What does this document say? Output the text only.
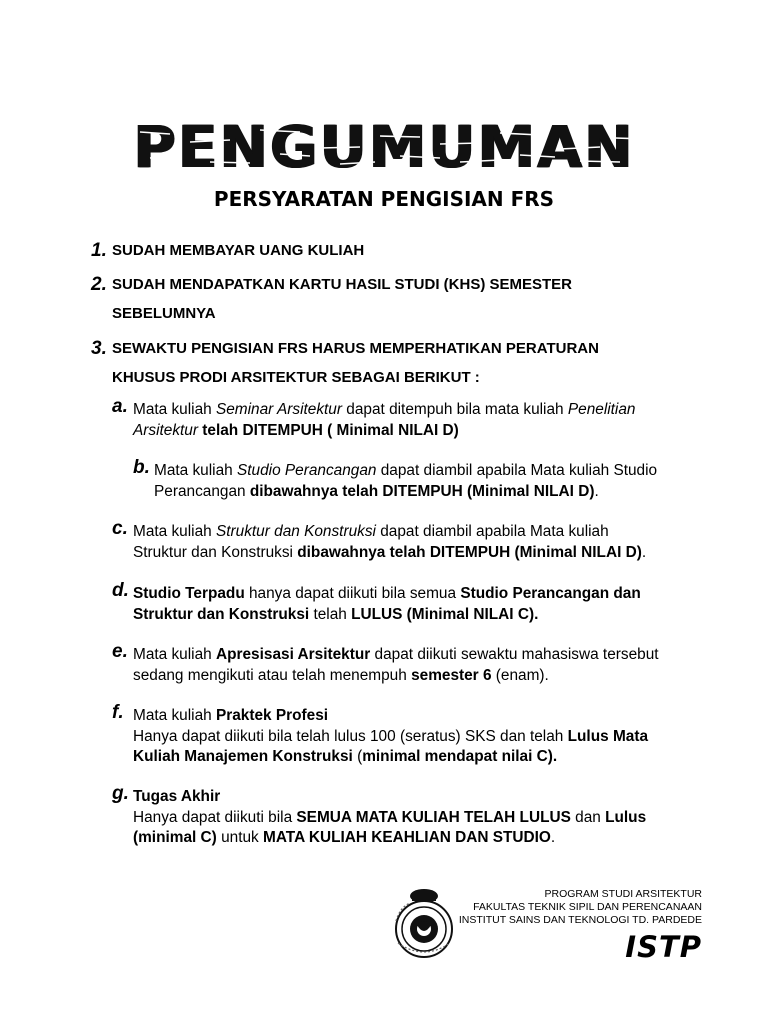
PENGUMUMAN
PERSYARATAN PENGISIAN FRS
1. SUDAH MEMBAYAR UANG KULIAH
2. SUDAH MENDAPATKAN KARTU HASIL STUDI (KHS) SEMESTER
SEBELUMNYA
3. SEWAKTU PENGISIAN FRS HARUS MEMPERHATIKAN PERATURAN
KHUSUS PRODI ARSITEKTUR SEBAGAI BERIKUT :
a. Mata kuliah Seminar Arsitektur dapat ditempuh bila mata kuliah Penelitian
Arsitektur telah DITEMPUH ( Minimal NILAI D)
b. Mata kuliah Studio Perancangan dapat diambil apabila Mata kuliah Studio
Perancangan dibawahnya telah DITEMPUH (Minimal NILAI D).
c. Mata kuliah Struktur dan Konstruksi dapat diambil apabila Mata kuliah
Struktur dan Konstruksi dibawahnya telah DITEMPUH (Minimal NILAI D).
d. Studio Terpadu hanya dapat diikuti bila semua Studio Perancangan dan
Struktur dan Konstruksi telah LULUS (Minimal NILAI C).
e. Mata kuliah Apresisasi Arsitektur dapat diikuti sewaktu mahasiswa tersebut
sedang mengikuti atau telah menempuh semester 6 (enam).
f. Mata kuliah Praktek Profesi
Hanya dapat diikuti bila telah lulus 100 (seratus) SKS dan telah Lulus Mata
Kuliah Manajemen Konstruksi (minimal mendapat nilai C).
g. Tugas Akhir
Hanya dapat diikuti bila SEMUA MATA KULIAH TELAH LULUS dan Lulus
(minimal C) untuk MATA KULIAH KEAHLIAN DAN STUDIO.
PROGRAM STUDI ARSITEKTUR
FAKULTAS TEKNIK SIPIL DAN PERENCANAAN
INSTITUT SAINS DAN TEKNOLOGI TD. PARDEDE
ISTP
